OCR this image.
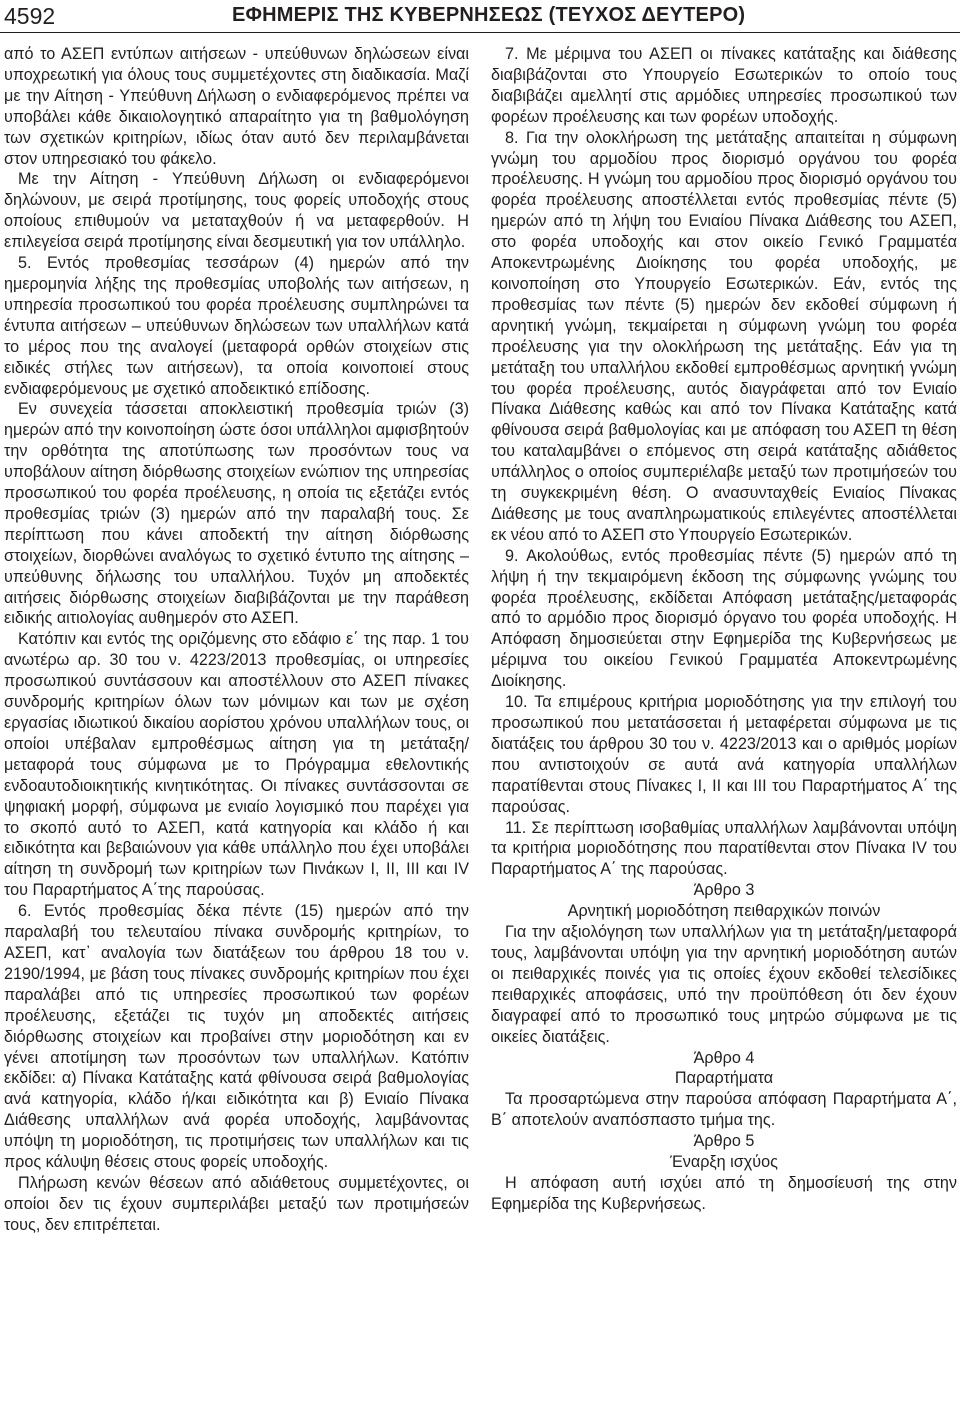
4592	ΕΦΗΜΕΡΙΣ ΤΗΣ ΚΥΒΕΡΝΗΣΕΩΣ (ΤΕΥΧΟΣ ΔΕΥΤΕΡΟ)

από το ΑΣΕΠ εντύπων αιτήσεων - υπεύθυνων δηλώσεων είναι υποχρεωτική για όλους τους συμμετέχοντες στη διαδικασία. Μαζί με την Αίτηση - Υπεύθυνη Δήλωση ο ενδιαφερόμενος πρέπει να υποβάλει κάθε δικαιολογητικό απαραίτητο για τη βαθμολόγηση των σχετικών κριτηρίων, ιδίως όταν αυτό δεν περιλαμβάνεται στον υπηρεσιακό του φάκελο.

Με την Αίτηση - Υπεύθυνη Δήλωση οι ενδιαφερόμενοι δηλώνουν, με σειρά προτίμησης, τους φορείς υποδοχής στους οποίους επιθυμούν να μεταταχθούν ή να μεταφερθούν. Η επιλεγείσα σειρά προτίμησης είναι δεσμευτική για τον υπάλληλο.

5. Εντός προθεσμίας τεσσάρων (4) ημερών από την ημερομηνία λήξης της προθεσμίας υποβολής των αιτήσεων, η υπηρεσία προσωπικού του φορέα προέλευσης συμπληρώνει τα έντυπα αιτήσεων – υπεύθυνων δηλώσεων των υπαλλήλων κατά το μέρος που της αναλογεί (μεταφορά ορθών στοιχείων στις ειδικές στήλες των αιτήσεων), τα οποία κοινοποιεί στους ενδιαφερόμενους με σχετικό αποδεικτικό επίδοσης.

Εν συνεχεία τάσσεται αποκλειστική προθεσμία τριών (3) ημερών από την κοινοποίηση ώστε όσοι υπάλληλοι αμφισβητούν την ορθότητα της αποτύπωσης των προσόντων τους να υποβάλουν αίτηση διόρθωσης στοιχείων ενώπιον της υπηρεσίας προσωπικού του φορέα προέλευσης, η οποία τις εξετάζει εντός προθεσμίας τριών (3) ημερών από την παραλαβή τους. Σε περίπτωση που κάνει αποδεκτή την αίτηση διόρθωσης στοιχείων, διορθώνει αναλόγως το σχετικό έντυπο της αίτησης – υπεύθυνης δήλωσης του υπαλλήλου. Τυχόν μη αποδεκτές αιτήσεις διόρθωσης στοιχείων διαβιβάζονται με την παράθεση ειδικής αιτιολογίας αυθημερόν στο ΑΣΕΠ.

Κατόπιν και εντός της οριζόμενης στο εδάφιο ε΄ της παρ. 1 του ανωτέρω αρ. 30 του ν. 4223/2013 προθεσμίας, οι υπηρεσίες προσωπικού συντάσσουν και αποστέλλουν στο ΑΣΕΠ πίνακες συνδρομής κριτηρίων όλων των μόνιμων και των με σχέση εργασίας ιδιωτικού δικαίου αορίστου χρόνου υπαλλήλων τους, οι οποίοι υπέβαλαν εμπροθέσμως αίτηση για τη μετάταξη/μεταφορά τους σύμφωνα με το Πρόγραμμα εθελοντικής ενδοαυτοδιοικητικής κινητικότητας. Οι πίνακες συντάσσονται σε ψηφιακή μορφή, σύμφωνα με ενιαίο λογισμικό που παρέχει για το σκοπό αυτό το ΑΣΕΠ, κατά κατηγορία και κλάδο ή και ειδικότητα και βεβαιώνουν για κάθε υπάλληλο που έχει υποβάλει αίτηση τη συνδρομή των κριτηρίων των Πινάκων Ι, ΙΙ, ΙΙΙ και ΙV του Παραρτήματος Α΄της παρούσας.

6. Εντός προθεσμίας δέκα πέντε (15) ημερών από την παραλαβή του τελευταίου πίνακα συνδρομής κριτηρίων, το ΑΣΕΠ, κατ᾽ αναλογία των διατάξεων του άρθρου 18 του ν. 2190/1994, με βάση τους πίνακες συνδρομής κριτηρίων που έχει παραλάβει από τις υπηρεσίες προσωπικού των φορέων προέλευσης, εξετάζει τις τυχόν μη αποδεκτές αιτήσεις διόρθωσης στοιχείων και προβαίνει στην μοριοδότηση και εν γένει αποτίμηση των προσόντων των υπαλλήλων. Κατόπιν εκδίδει: α) Πίνακα Κατάταξης κατά φθίνουσα σειρά βαθμολογίας ανά κατηγορία, κλάδο ή/και ειδικότητα και β) Ενιαίο Πίνακα Διάθεσης υπαλλήλων ανά φορέα υποδοχής, λαμβάνοντας υπόψη τη μοριοδότηση, τις προτιμήσεις των υπαλλήλων και τις προς κάλυψη θέσεις στους φορείς υποδοχής.

Πλήρωση κενών θέσεων από αδιάθετους συμμετέχοντες, οι οποίοι δεν τις έχουν συμπεριλάβει μεταξύ των προτιμήσεών τους, δεν επιτρέπεται.

7. Με μέριμνα του ΑΣΕΠ οι πίνακες κατάταξης και διάθεσης διαβιβάζονται στο Υπουργείο Εσωτερικών το οποίο τους διαβιβάζει αμελλητί στις αρμόδιες υπηρεσίες προσωπικού των φορέων προέλευσης και των φορέων υποδοχής.

8. Για την ολοκλήρωση της μετάταξης απαιτείται η σύμφωνη γνώμη του αρμοδίου προς διορισμό οργάνου του φορέα προέλευσης. Η γνώμη του αρμοδίου προς διορισμό οργάνου του φορέα προέλευσης αποστέλλεται εντός προθεσμίας πέντε (5) ημερών από τη λήψη του Ενιαίου Πίνακα Διάθεσης του ΑΣΕΠ, στο φορέα υποδοχής και στον οικείο Γενικό Γραμματέα Αποκεντρωμένης Διοίκησης του φορέα υποδοχής, με κοινοποίηση στο Υπουργείο Εσωτερικών. Εάν, εντός της προθεσμίας των πέντε (5) ημερών δεν εκδοθεί σύμφωνη ή αρνητική γνώμη, τεκμαίρεται η σύμφωνη γνώμη του φορέα προέλευσης για την ολοκλήρωση της μετάταξης. Εάν για τη μετάταξη του υπαλλήλου εκδοθεί εμπροθέσμως αρνητική γνώμη του φορέα προέλευσης, αυτός διαγράφεται από τον Ενιαίο Πίνακα Διάθεσης καθώς και από τον Πίνακα Κατάταξης κατά φθίνουσα σειρά βαθμολογίας και με απόφαση του ΑΣΕΠ τη θέση του καταλαμβάνει ο επόμενος στη σειρά κατάταξης αδιάθετος υπάλληλος ο οποίος συμπεριέλαβε μεταξύ των προτιμήσεών του τη συγκεκριμένη θέση. Ο ανασυνταχθείς Ενιαίος Πίνακας Διάθεσης με τους αναπληρωματικούς επιλεγέντες αποστέλλεται εκ νέου από το ΑΣΕΠ στο Υπουργείο Εσωτερικών.

9. Ακολούθως, εντός προθεσμίας πέντε (5) ημερών από τη λήψη ή την τεκμαιρόμενη έκδοση της σύμφωνης γνώμης του φορέα προέλευσης, εκδίδεται Απόφαση μετάταξης/μεταφοράς από το αρμόδιο προς διορισμό όργανο του φορέα υποδοχής. Η Απόφαση δημοσιεύεται στην Εφημερίδα της Κυβερνήσεως με μέριμνα του οικείου Γενικού Γραμματέα Αποκεντρωμένης Διοίκησης.

10. Τα επιμέρους κριτήρια μοριοδότησης για την επιλογή του προσωπικού που μετατάσσεται ή μεταφέρεται σύμφωνα με τις διατάξεις του άρθρου 30 του ν. 4223/2013 και ο αριθμός μορίων που αντιστοιχούν σε αυτά ανά κατηγορία υπαλλήλων παρατίθενται στους Πίνακες Ι, ΙΙ και ΙΙΙ του Παραρτήματος Α΄ της παρούσας.

11. Σε περίπτωση ισοβαθμίας υπαλλήλων λαμβάνονται υπόψη τα κριτήρια μοριοδότησης που παρατίθενται στον Πίνακα ΙV του Παραρτήματος Α΄ της παρούσας.

Άρθρο 3

Αρνητική μοριοδότηση πειθαρχικών ποινών

Για την αξιολόγηση των υπαλλήλων για τη μετάταξη/μεταφορά τους, λαμβάνονται υπόψη για την αρνητική μοριοδότηση αυτών οι πειθαρχικές ποινές για τις οποίες έχουν εκδοθεί τελεσίδικες πειθαρχικές αποφάσεις, υπό την προϋπόθεση ότι δεν έχουν διαγραφεί από το προσωπικό τους μητρώο σύμφωνα με τις οικείες διατάξεις.

Άρθρο 4

Παραρτήματα

Τα προσαρτώμενα στην παρούσα απόφαση Παραρτήματα Α΄, Β΄ αποτελούν αναπόσπαστο τμήμα της.

Άρθρο 5

Έναρξη ισχύος

Η απόφαση αυτή ισχύει από τη δημοσίευσή της στην Εφημερίδα της Κυβερνήσεως.
